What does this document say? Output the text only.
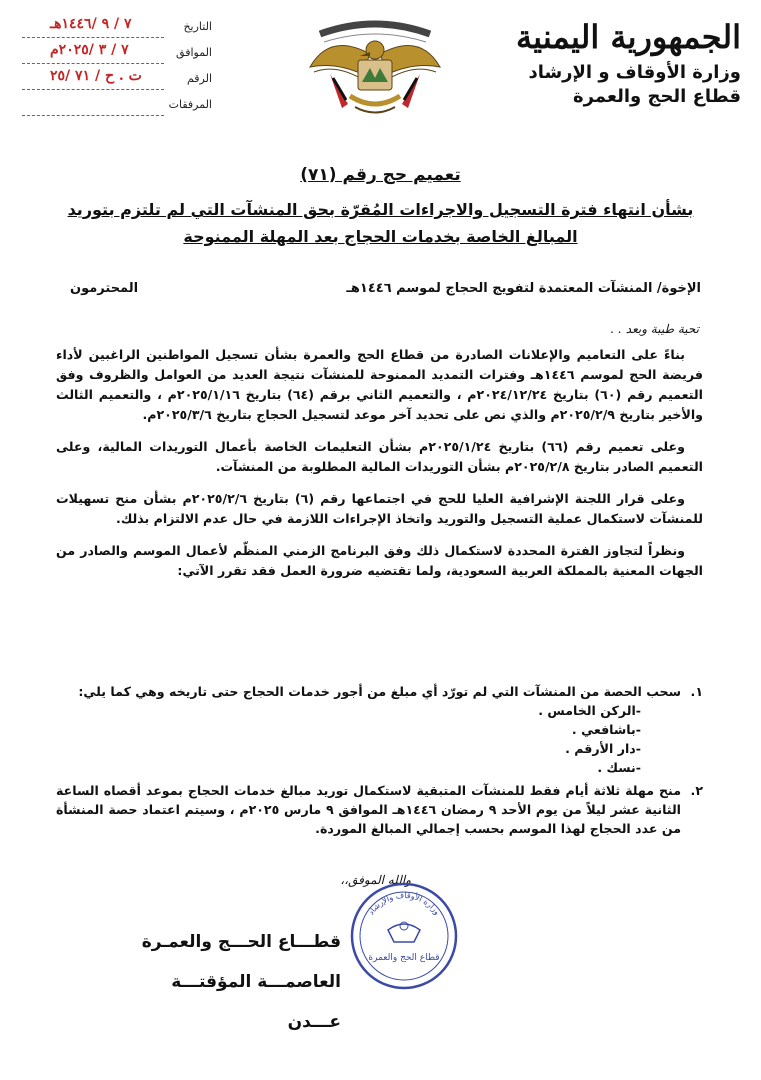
٧ / ٩ /١٤٤٦هـ	التاريخ
٧ / ٣ /٢٠٢٥م	الموافق
ت . ح / ٧١ /٢٥	الرقم
المرفقات
الجمهورية اليمنية
وزارة الأوقاف و الإرشاد
قطاع الحج والعمرة
تعميم حج رقم (٧١)
بشأن انتهاء فترة التسجيل والاجراءات المُقرّة بحق المنشآت التي لم تلتزم بتوريد
المبالغ الخاصة بخدمات الحجاج بعد المهلة الممنوحة
الإخوة/ المنشآت المعتمدة لتفويج الحجاج لموسم ١٤٤٦هـ
المحترمون
تحية طيبة وبعد . .

بناءً على التعاميم والإعلانات الصادرة من قطاع الحج والعمرة بشأن تسجيل المواطنين الراغبين لأداء فريضة الحج لموسم ١٤٤٦هـ وفترات التمديد الممنوحة للمنشآت نتيجة العديد من العوامل والظروف وفق التعميم رقم (٦٠) بتاريخ ٢٠٢٤/١٢/٢٤م ، والتعميم الثاني برقم (٦٤) بتاريخ ٢٠٢٥/١/١٦م ، والتعميم الثالث والأخير بتاريخ ٢٠٢٥/٢/٩م والذي نص على تحديد آخر موعد لتسجيل الحجاج بتاريخ ٢٠٢٥/٣/٦م.

وعلى تعميم رقم (٦٦) بتاريخ ٢٠٢٥/١/٢٤م بشأن التعليمات الخاصة بأعمال التوريدات المالية، وعلى التعميم الصادر بتاريخ ٢٠٢٥/٢/٨م بشأن التوريدات المالية المطلوبة من المنشآت.

وعلى قرار اللجنة الإشرافية العليا للحج في اجتماعها رقم (٦) بتاريخ ٢٠٢٥/٢/٦م بشأن منح تسهيلات للمنشآت لاستكمال عملية التسجيل والتوريد واتخاذ الإجراءات اللازمة في حال عدم الالتزام بذلك.

ونظراً لتجاوز الفترة المحددة لاستكمال ذلك وفق البرنامج الزمني المنظّم لأعمال الموسم والصادر من الجهات المعنية بالمملكة العربية السعودية، ولما تقتضيه ضرورة العمل فقد تقرر الآتي:

١.
سحب الحصة من المنشآت التي لم تورّد أي مبلغ من أجور خدمات الحجاج حتى تاريخه وهي كما يلي:
-الركن الخامس .
-باشافعي .
-دار الأرقم .
-نسك .
٢.
منح مهلة ثلاثة أيام فقط للمنشآت المتبقية لاستكمال توريد مبالغ خدمات الحجاج بموعد أقصاه الساعة الثانية عشر ليلاً من يوم الأحد ٩ رمضان ١٤٤٦هـ الموافق ٩ مارس ٢٠٢٥م ، وسيتم اعتماد حصة المنشأة من عدد الحجاج لهذا الموسم بحسب إجمالي المبالغ الموردة.
والله الموفق،،
وزارة الأوقاف والإرشاد
قطاع الحج والعمرة
قطـــاع الحـــج والعمـرة
العاصمـــة المؤقتـــة عـــدن
